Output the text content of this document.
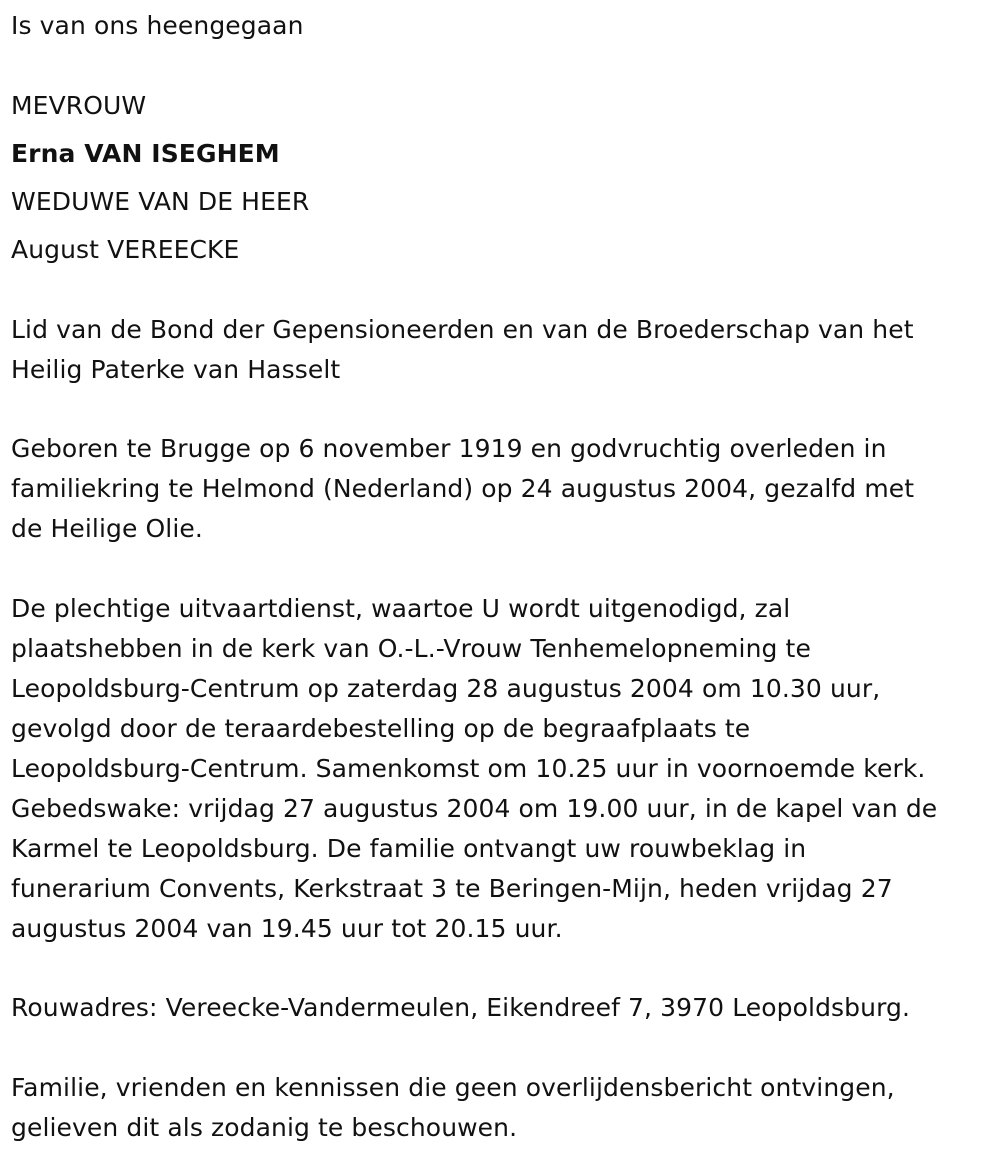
Is van ons heengegaan
MEVROUW
Erna VAN ISEGHEM
WEDUWE VAN DE HEER
August VEREECKE
Lid van de Bond der Gepensioneerden en van de Broederschap van het
Heilig Paterke van Hasselt
Geboren te Brugge op 6 november 1919 en godvruchtig overleden in
familiekring te Helmond (Nederland) op 24 augustus 2004, gezalfd met
de Heilige Olie.
De plechtige uitvaartdienst, waartoe U wordt uitgenodigd, zal
plaatshebben in de kerk van O.-L.-Vrouw Tenhemelopneming te
Leopoldsburg-Centrum op zaterdag 28 augustus 2004 om 10.30 uur,
gevolgd door de teraardebestelling op de begraafplaats te
Leopoldsburg-Centrum. Samenkomst om 10.25 uur in voornoemde kerk.
Gebedswake: vrijdag 27 augustus 2004 om 19.00 uur, in de kapel van de
Karmel te Leopoldsburg. De familie ontvangt uw rouwbeklag in
funerarium Convents, Kerkstraat 3 te Beringen-Mijn, heden vrijdag 27
augustus 2004 van 19.45 uur tot 20.15 uur.
Rouwadres: Vereecke-Vandermeulen, Eikendreef 7, 3970 Leopoldsburg.
Familie, vrienden en kennissen die geen overlijdensbericht ontvingen,
gelieven dit als zodanig te beschouwen.
